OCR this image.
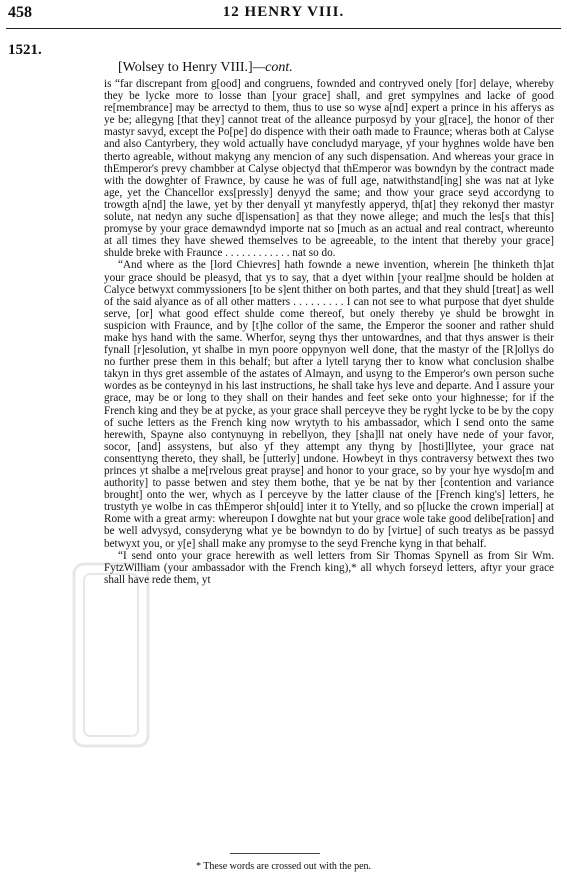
458	12 HENRY VIII.
1521.
[Wolsey to Henry VIII.]—cont.

is “far discrepant from g[ood] and congruens, fownded and contryved onely [for] delaye, whereby they be lycke more to losse than [your grace] shall, and gret sympylnes and lacke of good re[membrance] may be arrectyd to them, thus to use so wyse a[nd] expert a prince in his afferys as ye be; allegyng [that they] cannot treat of the alleance purposyd by your g[race], the honor of ther mastyr savyd, except the Po[pe] do dispence with their oath made to Fraunce; wheras both at Calyse and also Cantyrbery, they wold actually have concludyd maryage, yf your hyghnes wolde have ben therto agreable, without makyng any mencion of any such dispensation. And whereas your grace in thEmperor's prevy chambber at Calyse objectyd that thEmperor was bowndyn by the contract made with the dowghter of Frawnce, by cause he was of full age, natwithstand[ing] she was nat at lyke age, yet the Chancellor exs[pressly] denyyd the same; and thow your grace seyd accordyng to trowgth a[nd] the lawe, yet by ther denyall yt manyfestly apperyd, th[at] they rekonyd ther mastyr solute, nat nedyn any suche d[ispensation] as that they nowe allege; and much the les[s that this] promyse by your grace demawndyd importe nat so [much as an actual and real contract, whereunto at all times they have shewed themselves to be agreeable, to the intent that thereby your grace] shulde breke with Fraunce . . . . . . . . . . . . nat so do.

“And where as the [lord Chievres] hath fownde a newe invention, wherein [he thinketh th]at your grace should be pleasyd, that ys to say, that a dyet within [your real]me should be holden at Calyce betwyxt commyssioners [to be s]ent thither on both partes, and that they shuld [treat] as well of the said alyance as of all other matters . . . . . . . . . I can not see to what purpose that dyet shulde serve, [or] what good effect shulde come thereof, but onely thereby ye shuld be browght in suspicion with Fraunce, and by [t]he collor of the same, the Emperor the sooner and rather shuld make hys hand with the same. Wherfor, seyng thys ther untowardnes, and that thys answer is their fynall [r]esolution, yt shalbe in myn poore oppynyon well done, that the mastyr of the [R]ollys do no further prese them in this behalf; but after a lytell taryng ther to know what conclusion shalbe takyn in thys gret assemble of the astates of Almayn, and usyng to the Emperor's own person suche wordes as be conteynyd in his last instructions, he shall take hys leve and departe. And I assure your grace, may be or long to they shall on their handes and feet seke onto your highnesse; for if the French king and they be at pycke, as your grace shall perceyve they be ryght lycke to be by the copy of suche letters as the French king now wrytyth to his ambassador, which I send onto the same herewith, Spayne also contynuyng in rebellyon, they [sha]ll nat onely have nede of your favor, socor, [and] assystens, but also yf they attempt any thyng by [hosti]llytee, your grace nat consenttyng thereto, they shall, be [utterly] undone. Howbeyt in thys contraversy betwext thes two princes yt shalbe a me[rvelous great prayse] and honor to your grace, so by your hye wysdo[m and authority] to passe betwen and stey them bothe, that ye be nat by ther [contention and variance brought] onto the wer, whych as I perceyve by the latter clause of the [French king's] letters, he trustyth ye wolbe in cas thEmperor sh[ould] inter it to Ytelly, and so p[lucke the crown imperial] at Rome with a great army: whereupon I dowghte nat but your grace wole take good delibe[ration] and be well advysyd, consyderyng what ye be bowndyn to do by [virtue] of such treatys as be passyd betwyxt you, or y[e] shall make any promyse to the seyd Frenche kyng in that behalf.

“I send onto your grace herewith as well letters from Sir Thomas Spynell as from Sir Wm. FytzWilliam (your ambassador with the French king),* all whych forseyd letters, aftyr your grace shall have rede them, yt

* These words are crossed out with the pen.
